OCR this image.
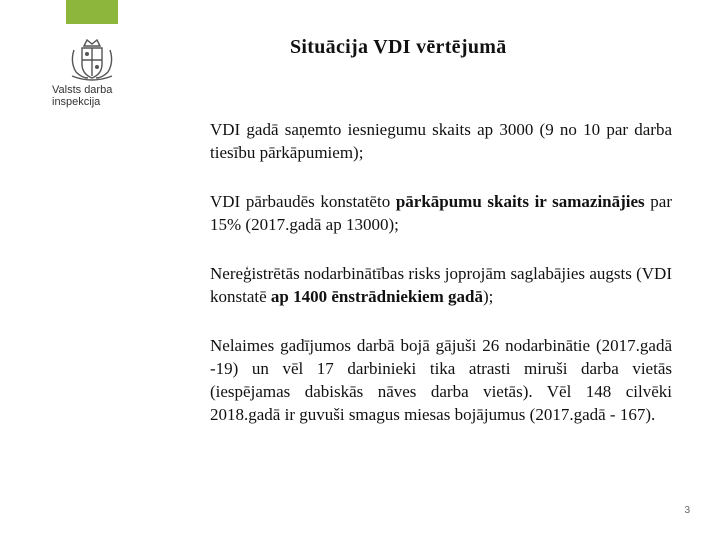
Valsts darba
inspekcija
Situācija VDI vērtējumā

VDI gadā saņemto iesniegumu skaits ap 3000 (9 no 10 par darba tiesību pārkāpumiem);

VDI pārbaudēs konstatēto pārkāpumu skaits ir samazinājies par 15% (2017.gadā ap 13000);

Nereģistrētās nodarbinātības risks joprojām saglabājies augsts (VDI konstatē ap 1400 ēnstrādniekiem gadā);

Nelaimes gadījumos darbā bojā gājuši 26 nodarbinātie (2017.gadā -19) un vēl 17 darbinieki tika atrasti miruši darba vietās (iespējamas dabiskās nāves darba vietās). Vēl 148 cilvēki 2018.gadā ir guvuši smagus miesas bojājumus (2017.gadā - 167).

3
